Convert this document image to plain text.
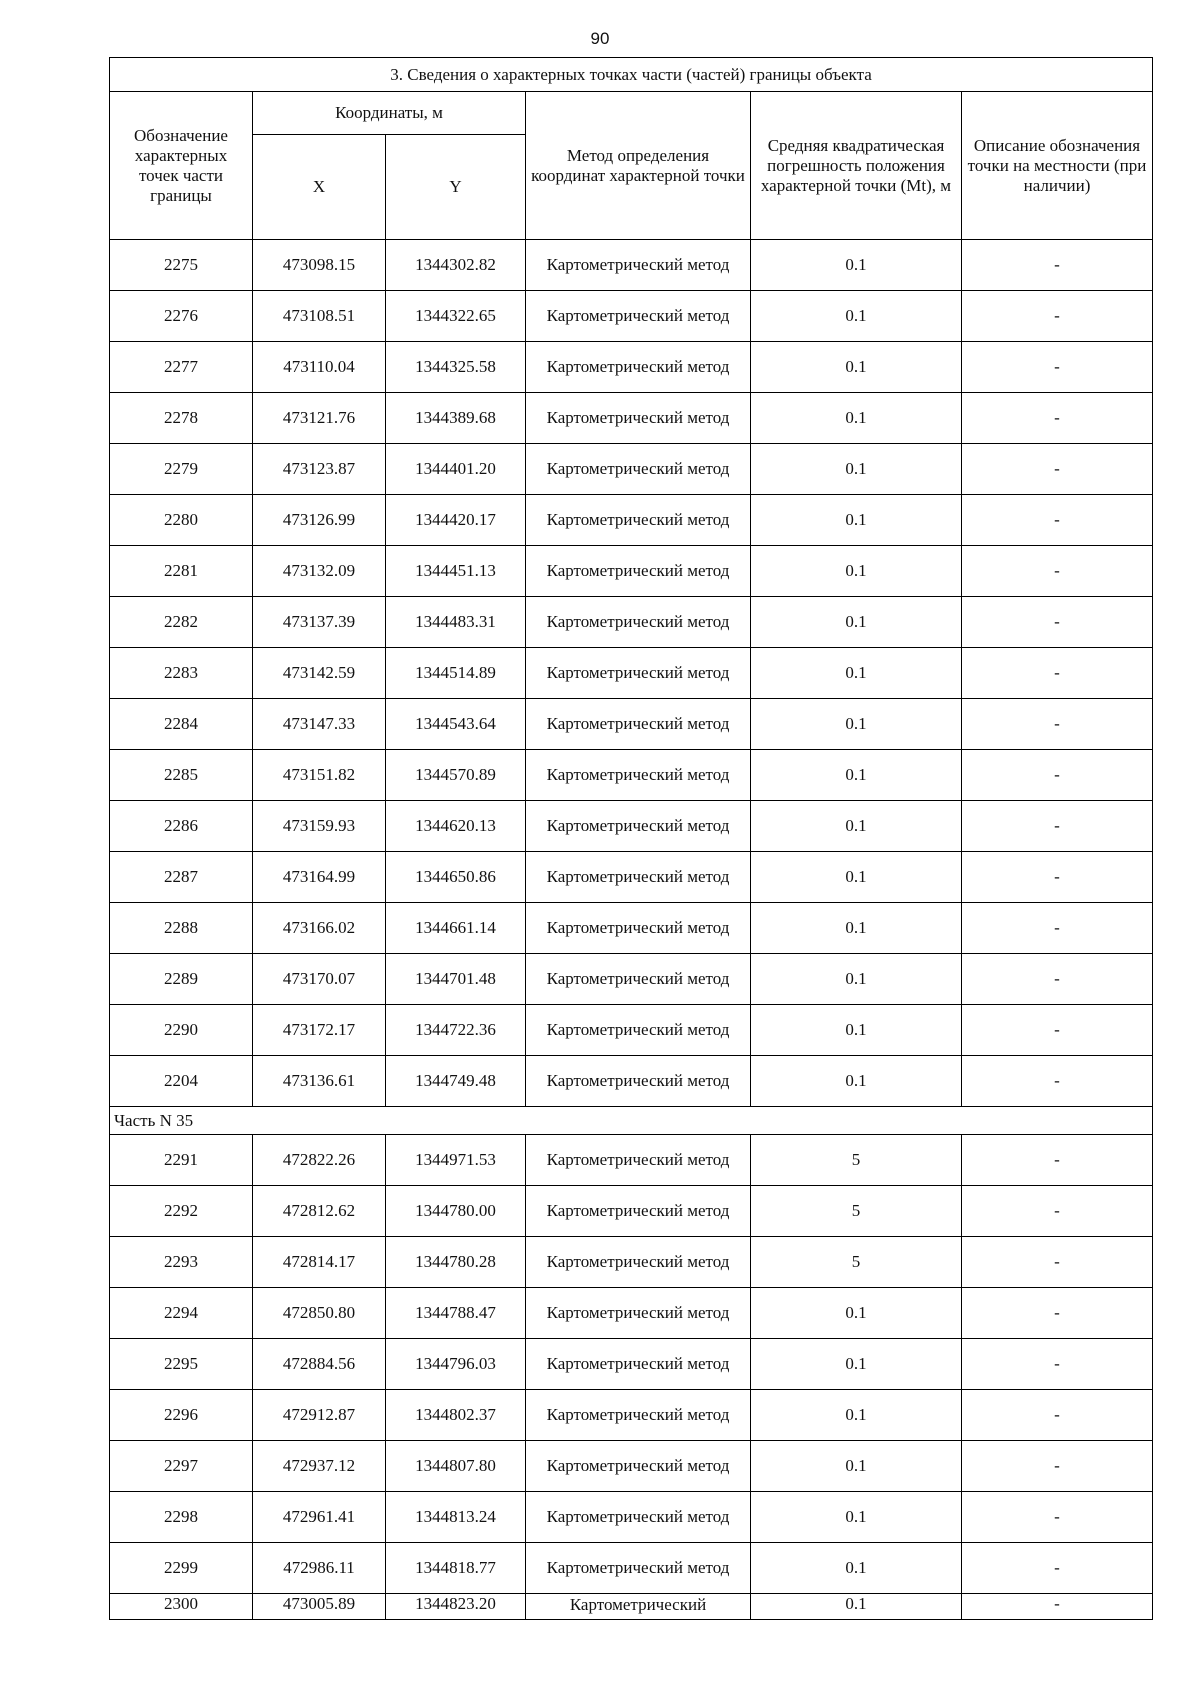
90
3. Сведения о характерных точках части (частей) границы объекта					
Обозначение характерных точек части границы	Координаты, м		Метод определения координат характерной точки	Средняя квадратическая погрешность положения характерной точки (Mt), м	Описание обозначения точки на местности (при наличии)
	X	Y			
2275	473098.15	1344302.82	Картометрический метод	0.1	-
2276	473108.51	1344322.65	Картометрический метод	0.1	-
2277	473110.04	1344325.58	Картометрический метод	0.1	-
2278	473121.76	1344389.68	Картометрический метод	0.1	-
2279	473123.87	1344401.20	Картометрический метод	0.1	-
2280	473126.99	1344420.17	Картометрический метод	0.1	-
2281	473132.09	1344451.13	Картометрический метод	0.1	-
2282	473137.39	1344483.31	Картометрический метод	0.1	-
2283	473142.59	1344514.89	Картометрический метод	0.1	-
2284	473147.33	1344543.64	Картометрический метод	0.1	-
2285	473151.82	1344570.89	Картометрический метод	0.1	-
2286	473159.93	1344620.13	Картометрический метод	0.1	-
2287	473164.99	1344650.86	Картометрический метод	0.1	-
2288	473166.02	1344661.14	Картометрический метод	0.1	-
2289	473170.07	1344701.48	Картометрический метод	0.1	-
2290	473172.17	1344722.36	Картометрический метод	0.1	-
2204	473136.61	1344749.48	Картометрический метод	0.1	-
Часть N 35					
2291	472822.26	1344971.53	Картометрический метод	5	-
2292	472812.62	1344780.00	Картометрический метод	5	-
2293	472814.17	1344780.28	Картометрический метод	5	-
2294	472850.80	1344788.47	Картометрический метод	0.1	-
2295	472884.56	1344796.03	Картометрический метод	0.1	-
2296	472912.87	1344802.37	Картометрический метод	0.1	-
2297	472937.12	1344807.80	Картометрический метод	0.1	-
2298	472961.41	1344813.24	Картометрический метод	0.1	-
2299	472986.11	1344818.77	Картометрический метод	0.1	-
2300	473005.89	1344823.20	Картометрический	0.1	-
